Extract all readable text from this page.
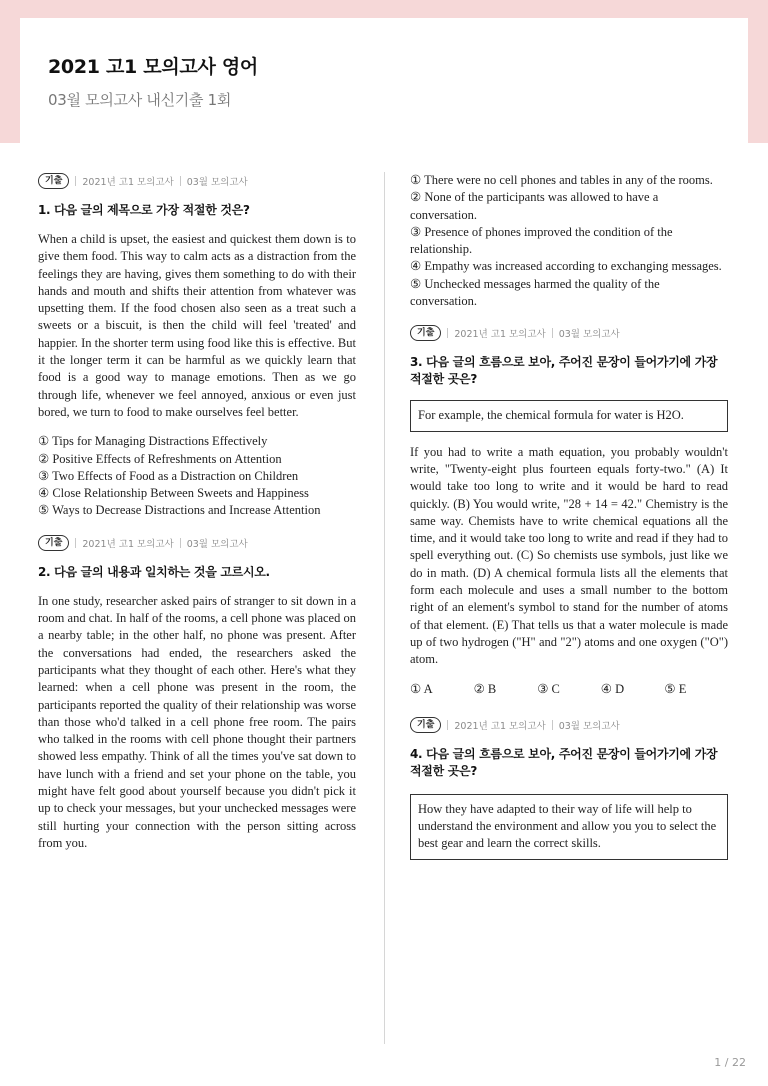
2021 고1 모의고사 영어
03월 모의고사 내신기출 1회
기출	2021년 고1 모의고사 03월 모의고사
1. 다음 글의 제목으로 가장 적절한 것은?
When a child is upset, the easiest and quickest them down is to give them food. This way to calm acts as a distraction from the feelings they are having, gives them something to do with their hands and mouth and shifts their attention from whatever was upsetting them. If the food chosen also seen as a treat such a sweets or a biscuit, is then the child will feel 'treated' and happier. In the shorter term using food like this is effective. But it the longer term it can be harmful as we quickly learn that food is a good way to manage emotions. Then as we go through life, whenever we feel annoyed, anxious or even just bored, we turn to food to make ourselves feel better.
① Tips for Managing Distractions Effectively
② Positive Effects of Refreshments on Attention
③ Two Effects of Food as a Distraction on Children
④ Close Relationship Between Sweets and Happiness
⑤ Ways to Decrease Distractions and Increase Attention
기출	2021년 고1 모의고사 03월 모의고사
2. 다음 글의 내용과 일치하는 것을 고르시오.
In one study, researcher asked pairs of stranger to sit down in a room and chat. In half of the rooms, a cell phone was placed on a nearby table; in the other half, no phone was present. After the conversations had ended, the researchers asked the participants what they thought of each other. Here's what they learned: when a cell phone was present in the room, the participants reported the quality of their relationship was worse than those who'd talked in a cell phone free room. The pairs who talked in the rooms with cell phone thought their partners showed less empathy. Think of all the times you've sat down to have lunch with a friend and set your phone on the table, you might have felt good about yourself because you didn't pick it up to check your messages, but your unchecked messages were still hurting your connection with the person sitting across from you.
① There were no cell phones and tables in any of the rooms.
② None of the participants was allowed to have a conversation.
③ Presence of phones improved the condition of the relationship.
④ Empathy was increased according to exchanging messages.
⑤ Unchecked messages harmed the quality of the conversation.
기출	2021년 고1 모의고사 03월 모의고사
3. 다음 글의 흐름으로 보아, 주어진 문장이 들어가기에 가장 적절한 곳은?
For example, the chemical formula for water is H2O.
If you had to write a math equation, you probably wouldn't write, "Twenty-eight plus fourteen equals forty-two." (A) It would take too long to write and it would be hard to read quickly. (B) You would write, "28 + 14 = 42." Chemistry is the same way. Chemists have to write chemical equations all the time, and it would take too long to write and read if they had to spell everything out. (C) So chemists use symbols, just like we do in math. (D) A chemical formula lists all the elements that form each molecule and uses a small number to the bottom right of an element's symbol to stand for the number of atoms of that element. (E) That tells us that a water molecule is made up of two hydrogen ("H" and "2") atoms and one oxygen ("O") atom.
① A	② B	③ C	④ D	⑤ E
기출	2021년 고1 모의고사 03월 모의고사
4. 다음 글의 흐름으로 보아, 주어진 문장이 들어가기에 가장 적절한 곳은?
How they have adapted to their way of life will help to understand the environment and allow you you to select the best gear and learn the correct skills.
1 / 22
